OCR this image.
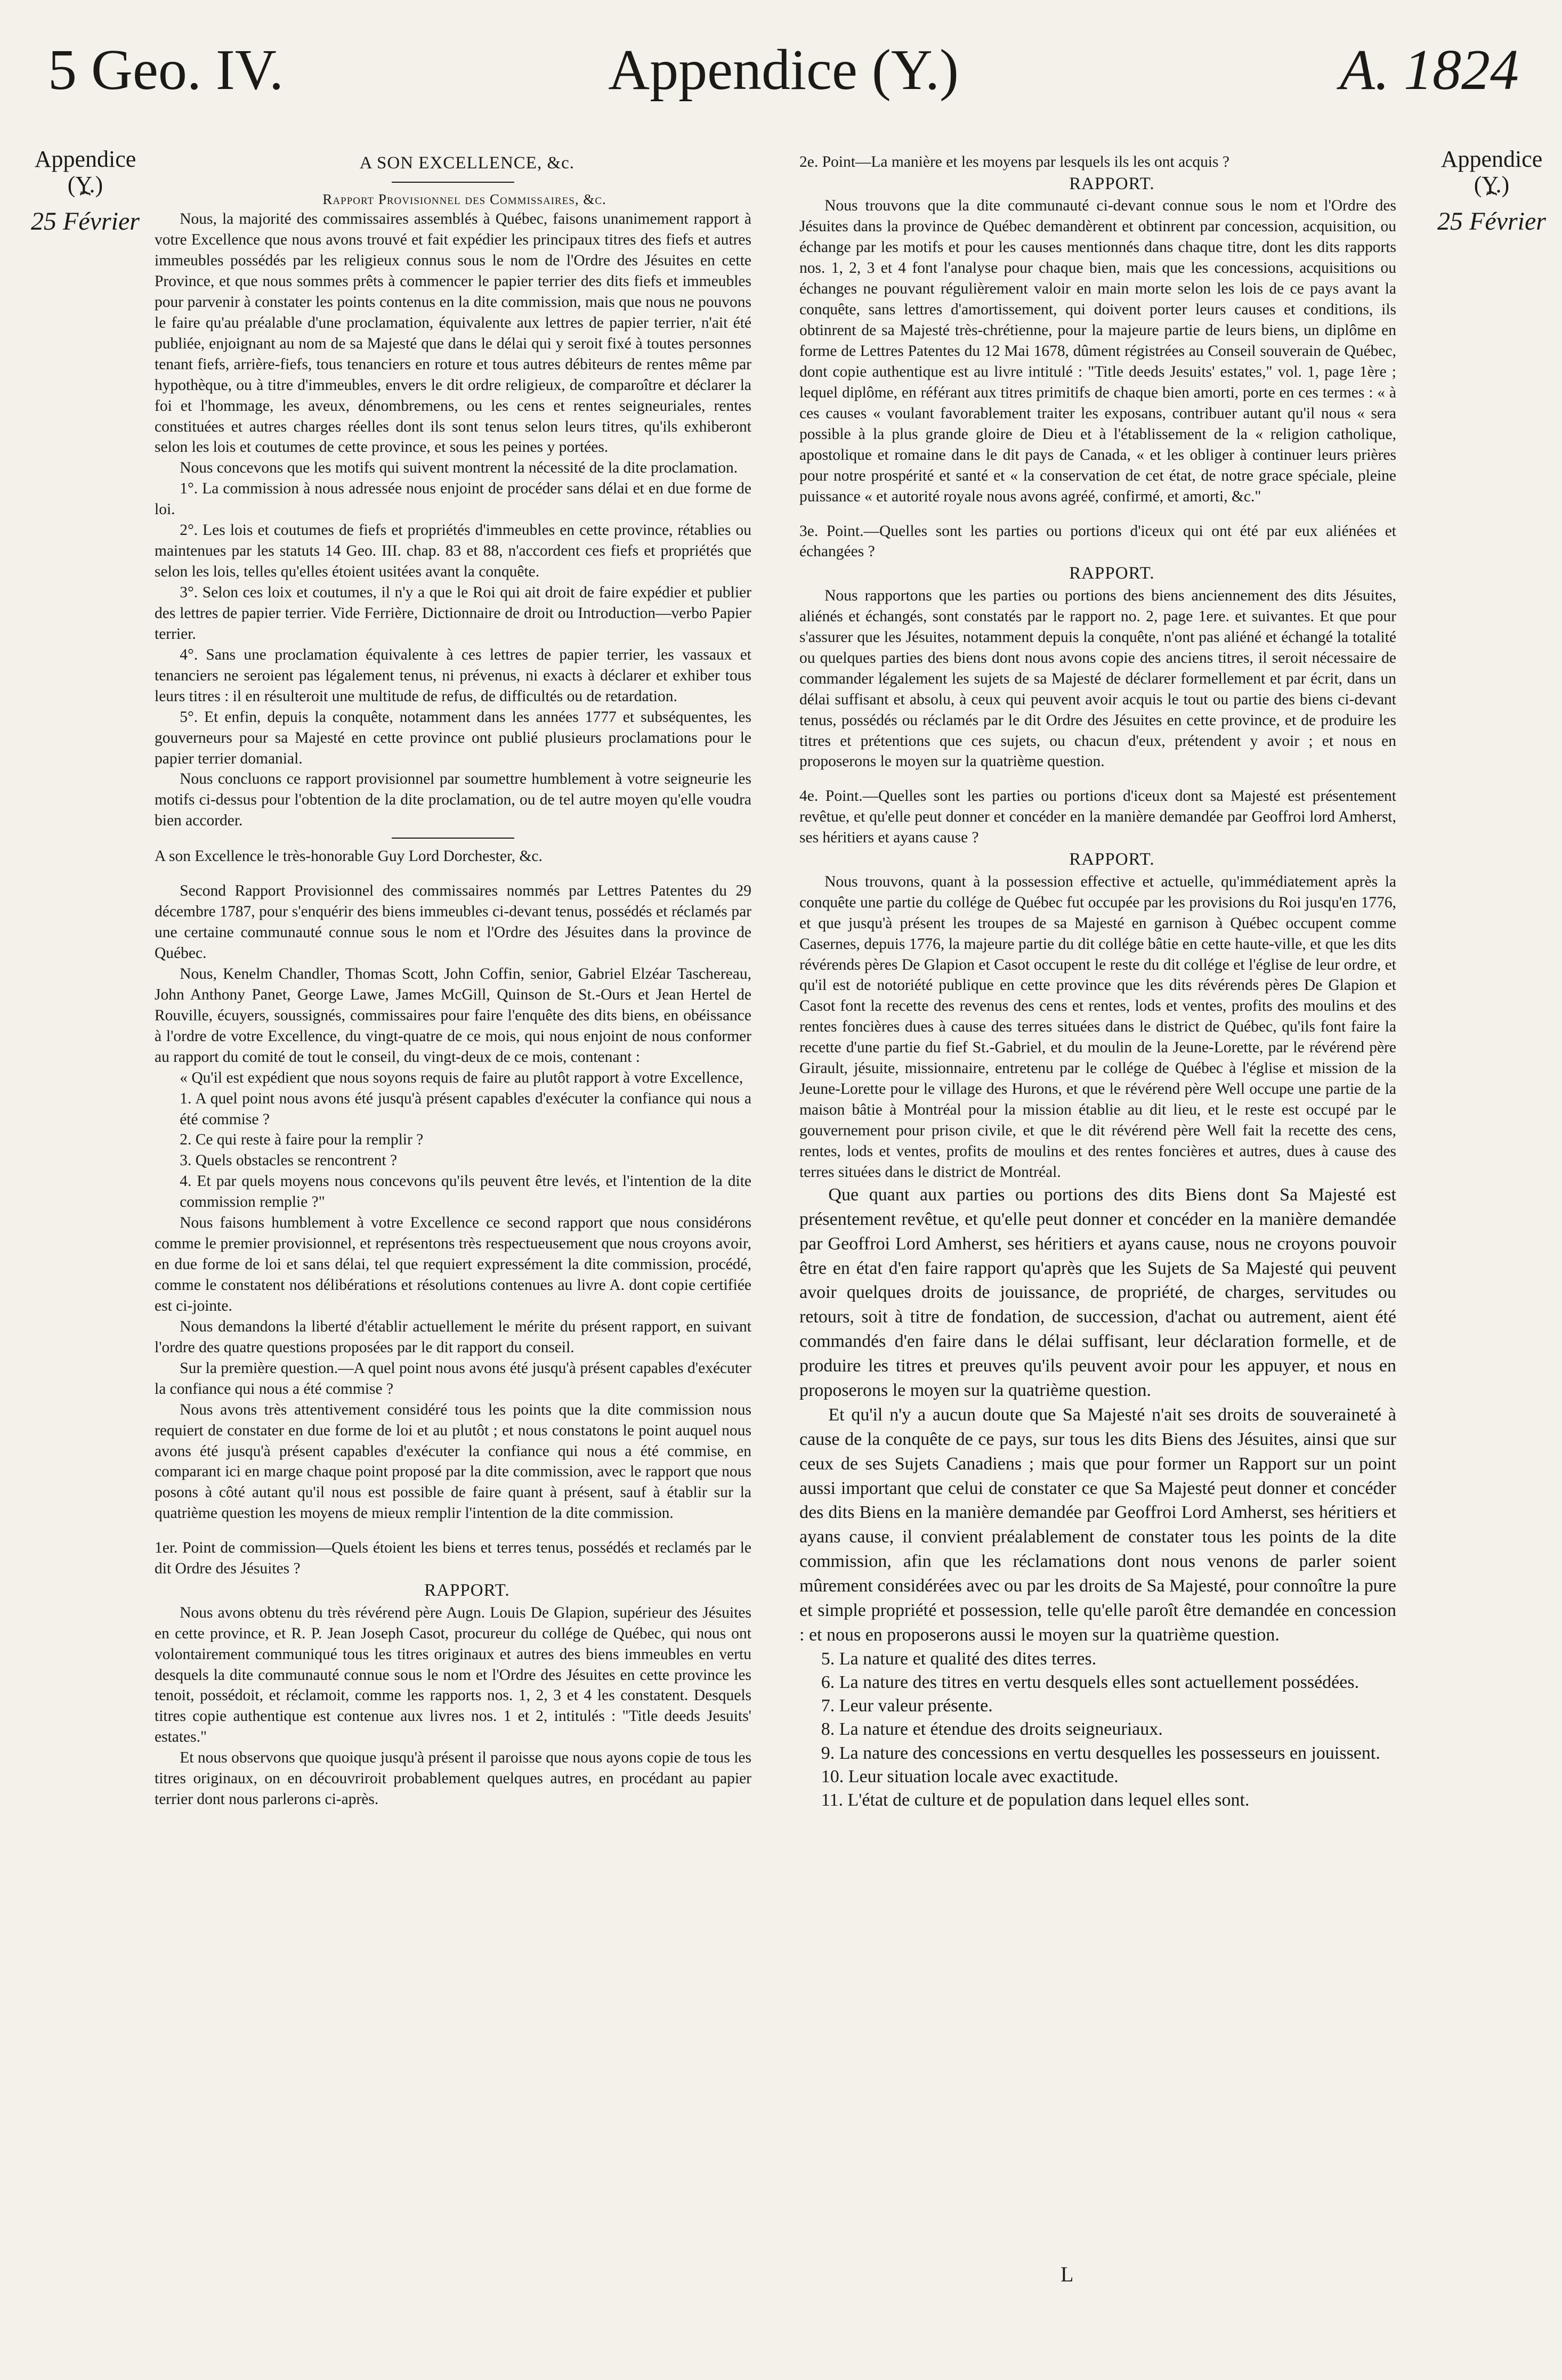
5 Geo. IV.	Appendice (Y.)	A. 1824
Appendice
(Y.)
⏞
25 Février
Appendice
(Y.)
⏞
25 Février

A SON EXCELLENCE, &c.

Rapport Provisionnel des Commissaires, &c.

Nous, la majorité des commissaires assemblés à Québec, faisons unanimement rapport à votre Excellence que nous avons trouvé et fait expédier les principaux titres des fiefs et autres immeubles possédés par les religieux connus sous le nom de l'Ordre des Jésuites en cette Province, et que nous sommes prêts à commencer le papier terrier des dits fiefs et immeubles pour parvenir à constater les points contenus en la dite commission, mais que nous ne pouvons le faire qu'au préalable d'une proclamation, équivalente aux lettres de papier terrier, n'ait été publiée, enjoignant au nom de sa Majesté que dans le délai qui y seroit fixé à toutes personnes tenant fiefs, arrière-fiefs, tous tenanciers en roture et tous autres débiteurs de rentes même par hypothèque, ou à titre d'immeubles, envers le dit ordre religieux, de comparoître et déclarer la foi et l'hommage, les aveux, dénombremens, ou les cens et rentes seigneuriales, rentes constituées et autres charges réelles dont ils sont tenus selon leurs titres, qu'ils exhiberont selon les lois et coutumes de cette province, et sous les peines y portées.

Nous concevons que les motifs qui suivent montrent la nécessité de la dite proclamation.

1°. La commission à nous adressée nous enjoint de procéder sans délai et en due forme de loi.

2°. Les lois et coutumes de fiefs et propriétés d'immeubles en cette province, rétablies ou maintenues par les statuts 14 Geo. III. chap. 83 et 88, n'accordent ces fiefs et propriétés que selon les lois, telles qu'elles étoient usitées avant la conquête.

3°. Selon ces loix et coutumes, il n'y a que le Roi qui ait droit de faire expédier et publier des lettres de papier terrier. Vide Ferrière, Dictionnaire de droit ou Introduction—verbo Papier terrier.

4°. Sans une proclamation équivalente à ces lettres de papier terrier, les vassaux et tenanciers ne seroient pas légalement tenus, ni prévenus, ni exacts à déclarer et exhiber tous leurs titres : il en résulteroit une multitude de refus, de difficultés ou de retardation.

5°. Et enfin, depuis la conquête, notamment dans les années 1777 et subséquentes, les gouverneurs pour sa Majesté en cette province ont publié plusieurs proclamations pour le papier terrier domanial.

Nous concluons ce rapport provisionnel par soumettre humblement à votre seigneurie les motifs ci-dessus pour l'obtention de la dite proclamation, ou de tel autre moyen qu'elle voudra bien accorder.

A son Excellence le très-honorable Guy Lord Dorchester, &c.

Second Rapport Provisionnel des commissaires nommés par Lettres Patentes du 29 décembre 1787, pour s'enquérir des biens immeubles ci-devant tenus, possédés et réclamés par une certaine communauté connue sous le nom et l'Ordre des Jésuites dans la province de Québec.

Nous, Kenelm Chandler, Thomas Scott, John Coffin, senior, Gabriel Elzéar Taschereau, John Anthony Panet, George Lawe, James McGill, Quinson de St.-Ours et Jean Hertel de Rouville, écuyers, soussignés, commissaires pour faire l'enquête des dits biens, en obéissance à l'ordre de votre Excellence, du vingt-quatre de ce mois, qui nous enjoint de nous conformer au rapport du comité de tout le conseil, du vingt-deux de ce mois, contenant :

« Qu'il est expédient que nous soyons requis de faire au plutôt rapport à votre Excellence,

1. A quel point nous avons été jusqu'à présent capables d'exécuter la confiance qui nous a été commise ?

2. Ce qui reste à faire pour la remplir ?

3. Quels obstacles se rencontrent ?

4. Et par quels moyens nous concevons qu'ils peuvent être levés, et l'intention de la dite commission remplie ?"

Nous faisons humblement à votre Excellence ce second rapport que nous considérons comme le premier provisionnel, et représentons très respectueusement que nous croyons avoir, en due forme de loi et sans délai, tel que requiert expressément la dite commission, procédé, comme le constatent nos délibérations et résolutions contenues au livre A. dont copie certifiée est ci-jointe.

Nous demandons la liberté d'établir actuellement le mérite du présent rapport, en suivant l'ordre des quatre questions proposées par le dit rapport du conseil.

Sur la première question.—A quel point nous avons été jusqu'à présent capables d'exécuter la confiance qui nous a été commise ?

Nous avons très attentivement considéré tous les points que la dite commission nous requiert de constater en due forme de loi et au plutôt ; et nous constatons le point auquel nous avons été jusqu'à présent capables d'exécuter la confiance qui nous a été commise, en comparant ici en marge chaque point proposé par la dite commission, avec le rapport que nous posons à côté autant qu'il nous est possible de faire quant à présent, sauf à établir sur la quatrième question les moyens de mieux remplir l'intention de la dite commission.

1er. Point de commission—Quels étoient les biens et terres tenus, possédés et reclamés par le dit Ordre des Jésuites ?

RAPPORT.

Nous avons obtenu du très révérend père Augn. Louis De Glapion, supérieur des Jésuites en cette province, et R. P. Jean Joseph Casot, procureur du collége de Québec, qui nous ont volontairement communiqué tous les titres originaux et autres des biens immeubles en vertu desquels la dite communauté connue sous le nom et l'Ordre des Jésuites en cette province les tenoit, possédoit, et réclamoit, comme les rapports nos. 1, 2, 3 et 4 les constatent. Desquels titres copie authentique est contenue aux livres nos. 1 et 2, intitulés : "Title deeds Jesuits' estates."

Et nous observons que quoique jusqu'à présent il paroisse que nous ayons copie de tous les titres originaux, on en découvriroit probablement quelques autres, en procédant au papier terrier dont nous parlerons ci-après.

2e. Point—La manière et les moyens par lesquels ils les ont acquis ?

RAPPORT.

Nous trouvons que la dite communauté ci-devant connue sous le nom et l'Ordre des Jésuites dans la province de Québec demandèrent et obtinrent par concession, acquisition, ou échange par les motifs et pour les causes mentionnés dans chaque titre, dont les dits rapports nos. 1, 2, 3 et 4 font l'analyse pour chaque bien, mais que les concessions, acquisitions ou échanges ne pouvant régulièrement valoir en main morte selon les lois de ce pays avant la conquête, sans lettres d'amortissement, qui doivent porter leurs causes et conditions, ils obtinrent de sa Majesté très-chrétienne, pour la majeure partie de leurs biens, un diplôme en forme de Lettres Patentes du 12 Mai 1678, dûment régistrées au Conseil souverain de Québec, dont copie authentique est au livre intitulé : "Title deeds Jesuits' estates," vol. 1, page 1ère ; lequel diplôme, en référant aux titres primitifs de chaque bien amorti, porte en ces termes : « à ces causes « voulant favorablement traiter les exposans, contribuer autant qu'il nous « sera possible à la plus grande gloire de Dieu et à l'établissement de la « religion catholique, apostolique et romaine dans le dit pays de Canada, « et les obliger à continuer leurs prières pour notre prospérité et santé et « la conservation de cet état, de notre grace spéciale, pleine puissance « et autorité royale nous avons agréé, confirmé, et amorti, &c."

3e. Point.—Quelles sont les parties ou portions d'iceux qui ont été par eux aliénées et échangées ?

RAPPORT.

Nous rapportons que les parties ou portions des biens anciennement des dits Jésuites, aliénés et échangés, sont constatés par le rapport no. 2, page 1ere. et suivantes. Et que pour s'assurer que les Jésuites, notamment depuis la conquête, n'ont pas aliéné et échangé la totalité ou quelques parties des biens dont nous avons copie des anciens titres, il seroit nécessaire de commander légalement les sujets de sa Majesté de déclarer formellement et par écrit, dans un délai suffisant et absolu, à ceux qui peuvent avoir acquis le tout ou partie des biens ci-devant tenus, possédés ou réclamés par le dit Ordre des Jésuites en cette province, et de produire les titres et prétentions que ces sujets, ou chacun d'eux, prétendent y avoir ; et nous en proposerons le moyen sur la quatrième question.

4e. Point.—Quelles sont les parties ou portions d'iceux dont sa Majesté est présentement revêtue, et qu'elle peut donner et concéder en la manière demandée par Geoffroi lord Amherst, ses héritiers et ayans cause ?

RAPPORT.

Nous trouvons, quant à la possession effective et actuelle, qu'immédiatement après la conquête une partie du collége de Québec fut occupée par les provisions du Roi jusqu'en 1776, et que jusqu'à présent les troupes de sa Majesté en garnison à Québec occupent comme Casernes, depuis 1776, la majeure partie du dit collége bâtie en cette haute-ville, et que les dits révérends pères De Glapion et Casot occupent le reste du dit collége et l'église de leur ordre, et qu'il est de notoriété publique en cette province que les dits révérends pères De Glapion et Casot font la recette des revenus des cens et rentes, lods et ventes, profits des moulins et des rentes foncières dues à cause des terres situées dans le district de Québec, qu'ils font faire la recette d'une partie du fief St.-Gabriel, et du moulin de la Jeune-Lorette, par le révérend père Girault, jésuite, missionnaire, entretenu par le collége de Québec à l'église et mission de la Jeune-Lorette pour le village des Hurons, et que le révérend père Well occupe une partie de la maison bâtie à Montréal pour la mission établie au dit lieu, et le reste est occupé par le gouvernement pour prison civile, et que le dit révérend père Well fait la recette des cens, rentes, lods et ventes, profits de moulins et des rentes foncières et autres, dues à cause des terres situées dans le district de Montréal.

Que quant aux parties ou portions des dits Biens dont Sa Majesté est présentement revêtue, et qu'elle peut donner et concéder en la manière demandée par Geoffroi Lord Amherst, ses héritiers et ayans cause, nous ne croyons pouvoir être en état d'en faire rapport qu'après que les Sujets de Sa Majesté qui peuvent avoir quelques droits de jouissance, de propriété, de charges, servitudes ou retours, soit à titre de fondation, de succession, d'achat ou autrement, aient été commandés d'en faire dans le délai suffisant, leur déclaration formelle, et de produire les titres et preuves qu'ils peuvent avoir pour les appuyer, et nous en proposerons le moyen sur la quatrième question.

Et qu'il n'y a aucun doute que Sa Majesté n'ait ses droits de souveraineté à cause de la conquête de ce pays, sur tous les dits Biens des Jésuites, ainsi que sur ceux de ses Sujets Canadiens ; mais que pour former un Rapport sur un point aussi important que celui de constater ce que Sa Majesté peut donner et concéder des dits Biens en la manière demandée par Geoffroi Lord Amherst, ses héritiers et ayans cause, il convient préalablement de constater tous les points de la dite commission, afin que les réclamations dont nous venons de parler soient mûrement considérées avec ou par les droits de Sa Majesté, pour connoître la pure et simple propriété et possession, telle qu'elle paroît être demandée en concession : et nous en proposerons aussi le moyen sur la quatrième question.

5. La nature et qualité des dites terres.

6. La nature des titres en vertu desquels elles sont actuellement possédées.

7. Leur valeur présente.

8. La nature et étendue des droits seigneuriaux.

9. La nature des concessions en vertu desquelles les possesseurs en jouissent.

10. Leur situation locale avec exactitude.

11. L'état de culture et de population dans lequel elles sont.

L
